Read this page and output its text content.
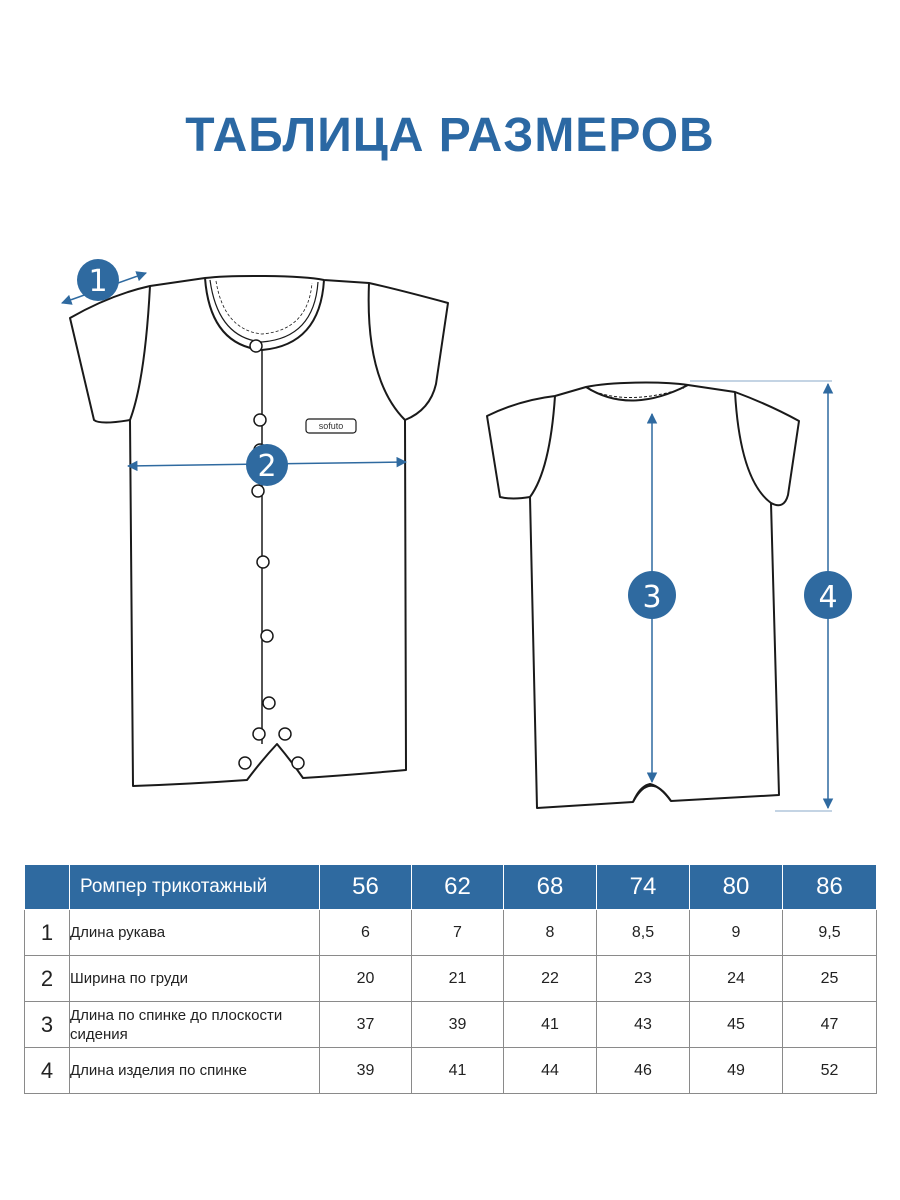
ТАБЛИЦА РАЗМЕРОВ
sofuto
1
2
3	4
	Ромпер трикотажный	56	62	68	74	80	86
1	Длина рукава	6	7	8	8,5	9	9,5
2	Ширина по груди	20	21	22	23	24	25
3	Длина по спинке до плоскости сидения	37	39	41	43	45	47
4	Длина изделия по спинке	39	41	44	46	49	52
